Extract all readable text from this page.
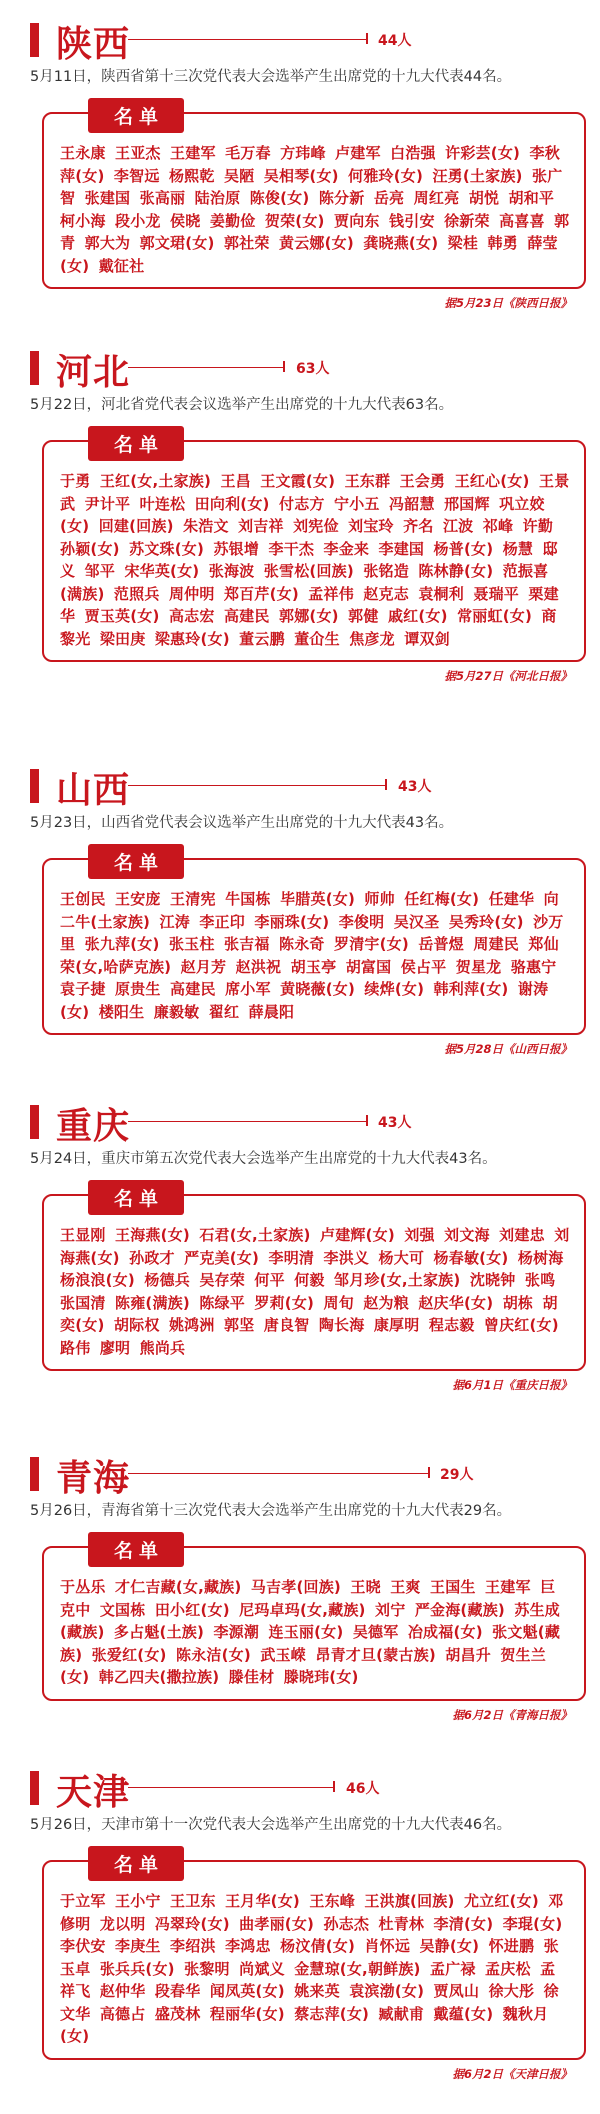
陕西	44人

5月11日，陕西省第十三次党代表大会选举产生出席党的十九大代表44名。

名单

王永康 王亚杰 王建军 毛万春 方玮峰 卢建军 白浩强 许彩芸(女) 李秋萍(女) 李智远 杨熙乾 吴陋 吴相琴(女) 何雅玲(女) 汪勇(土家族) 张广智 张建国 张高丽 陆治原 陈俊(女) 陈分新 岳亮 周红亮 胡悦 胡和平 柯小海 段小龙 侯晓 姜勤俭 贺荣(女) 贾向东 钱引安 徐新荣 高喜喜 郭青 郭大为 郭文珺(女) 郭社荣 黄云娜(女) 龚晓燕(女) 梁桂 韩勇 薛莹(女) 戴征社

据5月23日《陕西日报》
河北	63人

5月22日，河北省党代表会议选举产生出席党的十九大代表63名。

名单

于勇 王红(女,土家族) 王昌 王文霞(女) 王东群 王会勇 王红心(女) 王景武 尹计平 叶连松 田向利(女) 付志方 宁小五 冯韶慧 邢国辉 巩立姣(女) 回建(回族) 朱浩文 刘吉祥 刘宪俭 刘宝玲 齐名 江波 祁峰 许勤 孙颖(女) 苏文珠(女) 苏银增 李干杰 李金来 李建国 杨普(女) 杨慧 邸义 邹平 宋华英(女) 张海波 张雪松(回族) 张铭造 陈林静(女) 范振喜(满族) 范照兵 周仲明 郑百芹(女) 孟祥伟 赵克志 袁桐利 聂瑞平 栗建华 贾玉英(女) 高志宏 高建民 郭娜(女) 郭健 戚红(女) 常丽虹(女) 商黎光 梁田庚 梁惠玲(女) 董云鹏 董仚生 焦彦龙 谭双剑

据5月27日《河北日报》
山西	43人

5月23日，山西省党代表会议选举产生出席党的十九大代表43名。

名单

王创民 王安庞 王清宪 牛国栋 毕腊英(女) 师帅 任红梅(女) 任建华 向二牛(土家族) 江涛 李正印 李丽珠(女) 李俊明 吴汉圣 吴秀玲(女) 沙万里 张九萍(女) 张玉柱 张吉福 陈永奇 罗清宇(女) 岳普煜 周建民 郑仙荣(女,哈萨克族) 赵月芳 赵洪祝 胡玉亭 胡富国 侯占平 贺星龙 骆惠宁 袁子捷 原贵生 高建民 席小军 黄晓薇(女) 续烨(女) 韩利萍(女) 谢涛(女) 楼阳生 廉毅敏 翟红 薛晨阳

据5月28日《山西日报》
重庆	43人

5月24日，重庆市第五次党代表大会选举产生出席党的十九大代表43名。

名单

王显刚 王海燕(女) 石君(女,土家族) 卢建辉(女) 刘强 刘文海 刘建忠 刘海燕(女) 孙政才 严克美(女) 李明清 李洪义 杨大可 杨春敏(女) 杨树海 杨浪浪(女) 杨德兵 吴存荣 何平 何毅 邹月珍(女,土家族) 沈晓钟 张鸣 张国清 陈雍(满族) 陈绿平 罗莉(女) 周旬 赵为粮 赵庆华(女) 胡栋 胡奕(女) 胡际权 姚鸿洲 郭坚 唐良智 陶长海 康厚明 程志毅 曾庆红(女) 路伟 廖明 熊尚兵

据6月1日《重庆日报》
青海	29人

5月26日，青海省第十三次党代表大会选举产生出席党的十九大代表29名。

名单

于丛乐 才仁吉藏(女,藏族) 马吉孝(回族) 王晓 王爽 王国生 王建军 巨克中 文国栋 田小红(女) 尼玛卓玛(女,藏族) 刘宁 严金海(藏族) 苏生成(藏族) 多占魁(土族) 李源潮 连玉丽(女) 吴德军 冶成福(女) 张文魁(藏族) 张爱红(女) 陈永洁(女) 武玉嵘 昂青才旦(蒙古族) 胡昌升 贺生兰(女) 韩乙四夫(撒拉族) 滕佳材 滕晓玮(女)

据6月2日《青海日报》
天津	46人

5月26日，天津市第十一次党代表大会选举产生出席党的十九大代表46名。

名单

于立军 王小宁 王卫东 王月华(女) 王东峰 王洪旗(回族) 尤立红(女) 邓修明 龙以明 冯翠玲(女) 曲孝丽(女) 孙志杰 杜青林 李清(女) 李琨(女) 李伏安 李庚生 李绍洪 李鸿忠 杨汶倩(女) 肖怀远 吴静(女) 怀进鹏 张玉卓 张兵兵(女) 张黎明 尚斌义 金慧琼(女,朝鲜族) 孟广禄 孟庆松 孟祥飞 赵仲华 段春华 闻凤英(女) 姚来英 袁滨渤(女) 贾凤山 徐大彤 徐文华 高德占 盛茂林 程丽华(女) 蔡志萍(女) 臧献甫 戴蕴(女) 魏秋月(女)

据6月2日《天津日报》
